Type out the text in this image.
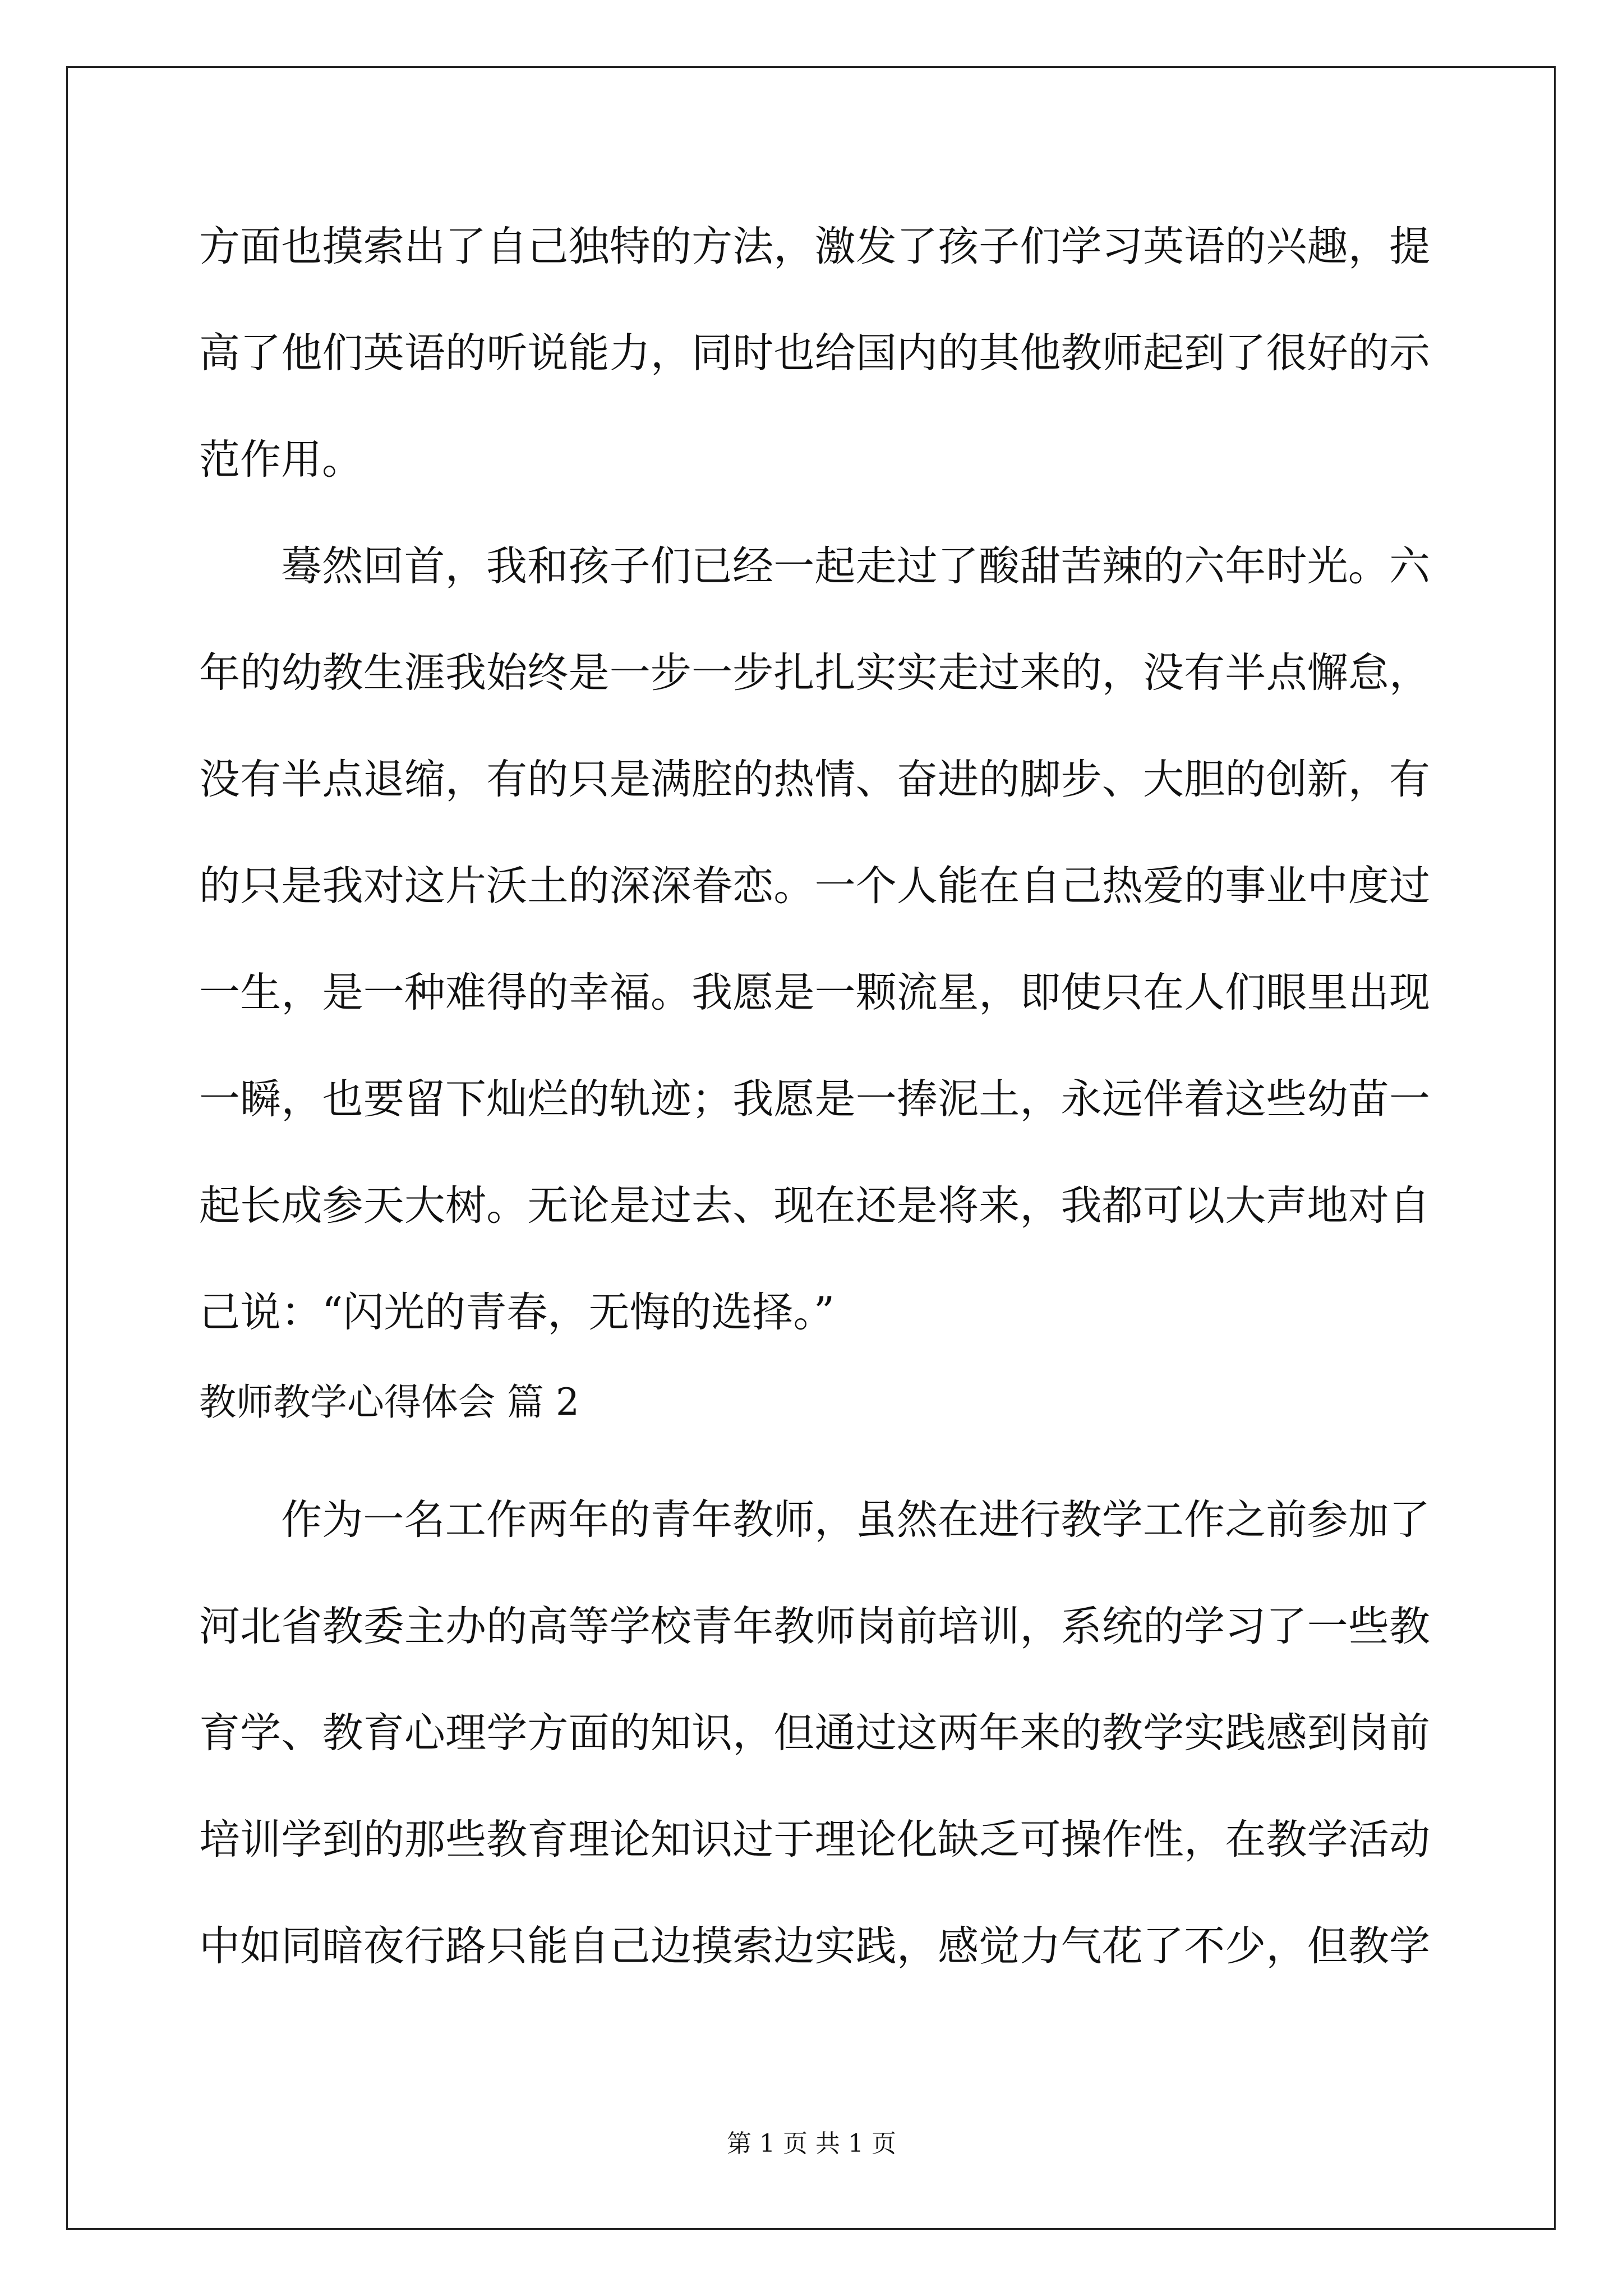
方面也摸索出了自己独特的方法，激发了孩子们学习英语的兴趣，提
高了他们英语的听说能力，同时也给国内的其他教师起到了很好的示
范作用。
蓦然回首，我和孩子们已经一起走过了酸甜苦辣的六年时光。六
年的幼教生涯我始终是一步一步扎扎实实走过来的，没有半点懈怠，
没有半点退缩，有的只是满腔的热情、奋进的脚步、大胆的创新，有
的只是我对这片沃土的深深眷恋。一个人能在自己热爱的事业中度过
一生，是一种难得的幸福。我愿是一颗流星，即使只在人们眼里出现
一瞬，也要留下灿烂的轨迹；我愿是一捧泥土，永远伴着这些幼苗一
起长成参天大树。无论是过去、现在还是将来，我都可以大声地对自
己说：“闪光的青春，无悔的选择。”
教师教学心得体会 篇 2
作为一名工作两年的青年教师，虽然在进行教学工作之前参加了
河北省教委主办的高等学校青年教师岗前培训，系统的学习了一些教
育学、教育心理学方面的知识，但通过这两年来的教学实践感到岗前
培训学到的那些教育理论知识过于理论化缺乏可操作性，在教学活动
中如同暗夜行路只能自己边摸索边实践，感觉力气花了不少，但教学
第 1 页 共 1 页
